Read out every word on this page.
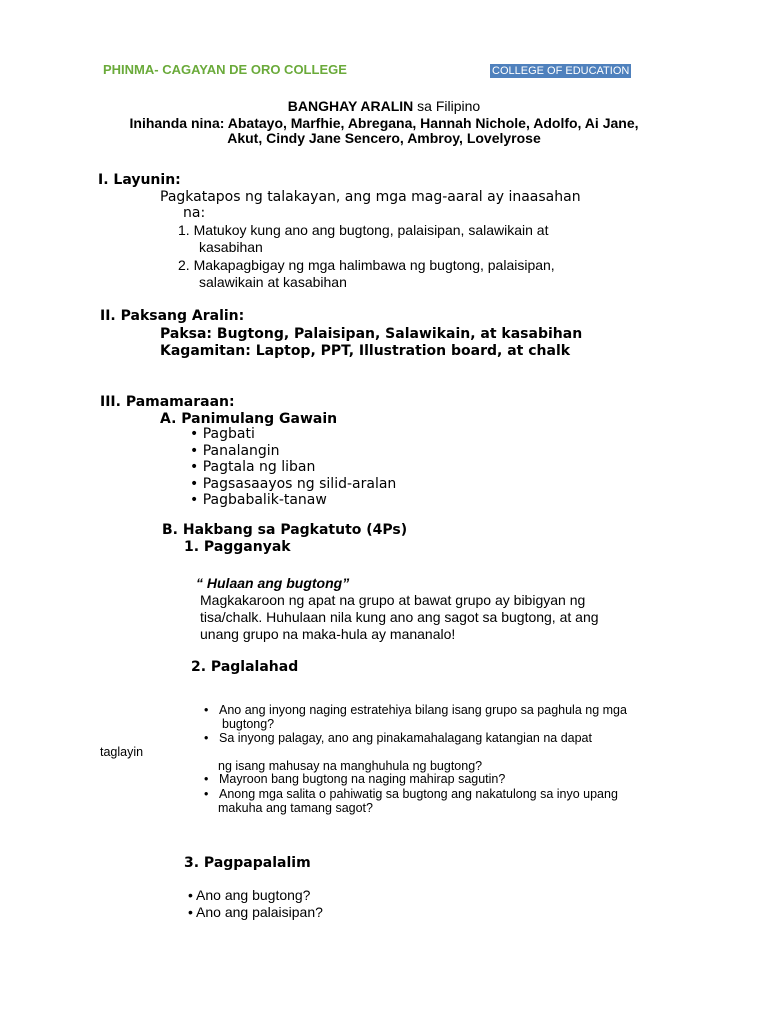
PHINMA- CAGAYAN DE ORO COLLEGE	COLLEGE OF EDUCATION
BANGHAY ARALIN sa Filipino
Inihanda nina: Abatayo, Marfhie, Abregana, Hannah Nichole, Adolfo, Ai Jane,
Akut, Cindy Jane Sencero, Ambroy, Lovelyrose
I. Layunin:
Pagkatapos ng talakayan, ang mga mag-aaral ay inaasahan
na:
1. Matukoy kung ano ang bugtong, palaisipan, salawikain at
kasabihan
2. Makapagbigay ng mga halimbawa ng bugtong, palaisipan,
salawikain at kasabihan
II. Paksang Aralin:
Paksa: Bugtong, Palaisipan, Salawikain, at kasabihan
Kagamitan: Laptop, PPT, Illustration board, at chalk
III. Pamamaraan:
A. Panimulang Gawain
• Pagbati
• Panalangin
• Pagtala ng liban
• Pagsasaayos ng silid-aralan
• Pagbabalik-tanaw
B. Hakbang sa Pagkatuto (4Ps)
1. Pagganyak
“ Hulaan ang bugtong”
Magkakaroon ng apat na grupo at bawat grupo ay bibigyan ng
tisa/chalk. Huhulaan nila kung ano ang sagot sa bugtong, at ang
unang grupo na maka-hula ay mananalo!
2. Paglalahad
• Ano ang inyong naging estratehiya bilang isang grupo sa paghula ng mga
bugtong?
• Sa inyong palagay, ano ang pinakamahalagang katangian na dapat
taglayin
ng isang mahusay na manghuhula ng bugtong?
• Mayroon bang bugtong na naging mahirap sagutin?
• Anong mga salita o pahiwatig sa bugtong ang nakatulong sa inyo upang
makuha ang tamang sagot?
3. Pagpapalalim
• Ano ang bugtong?
• Ano ang palaisipan?
